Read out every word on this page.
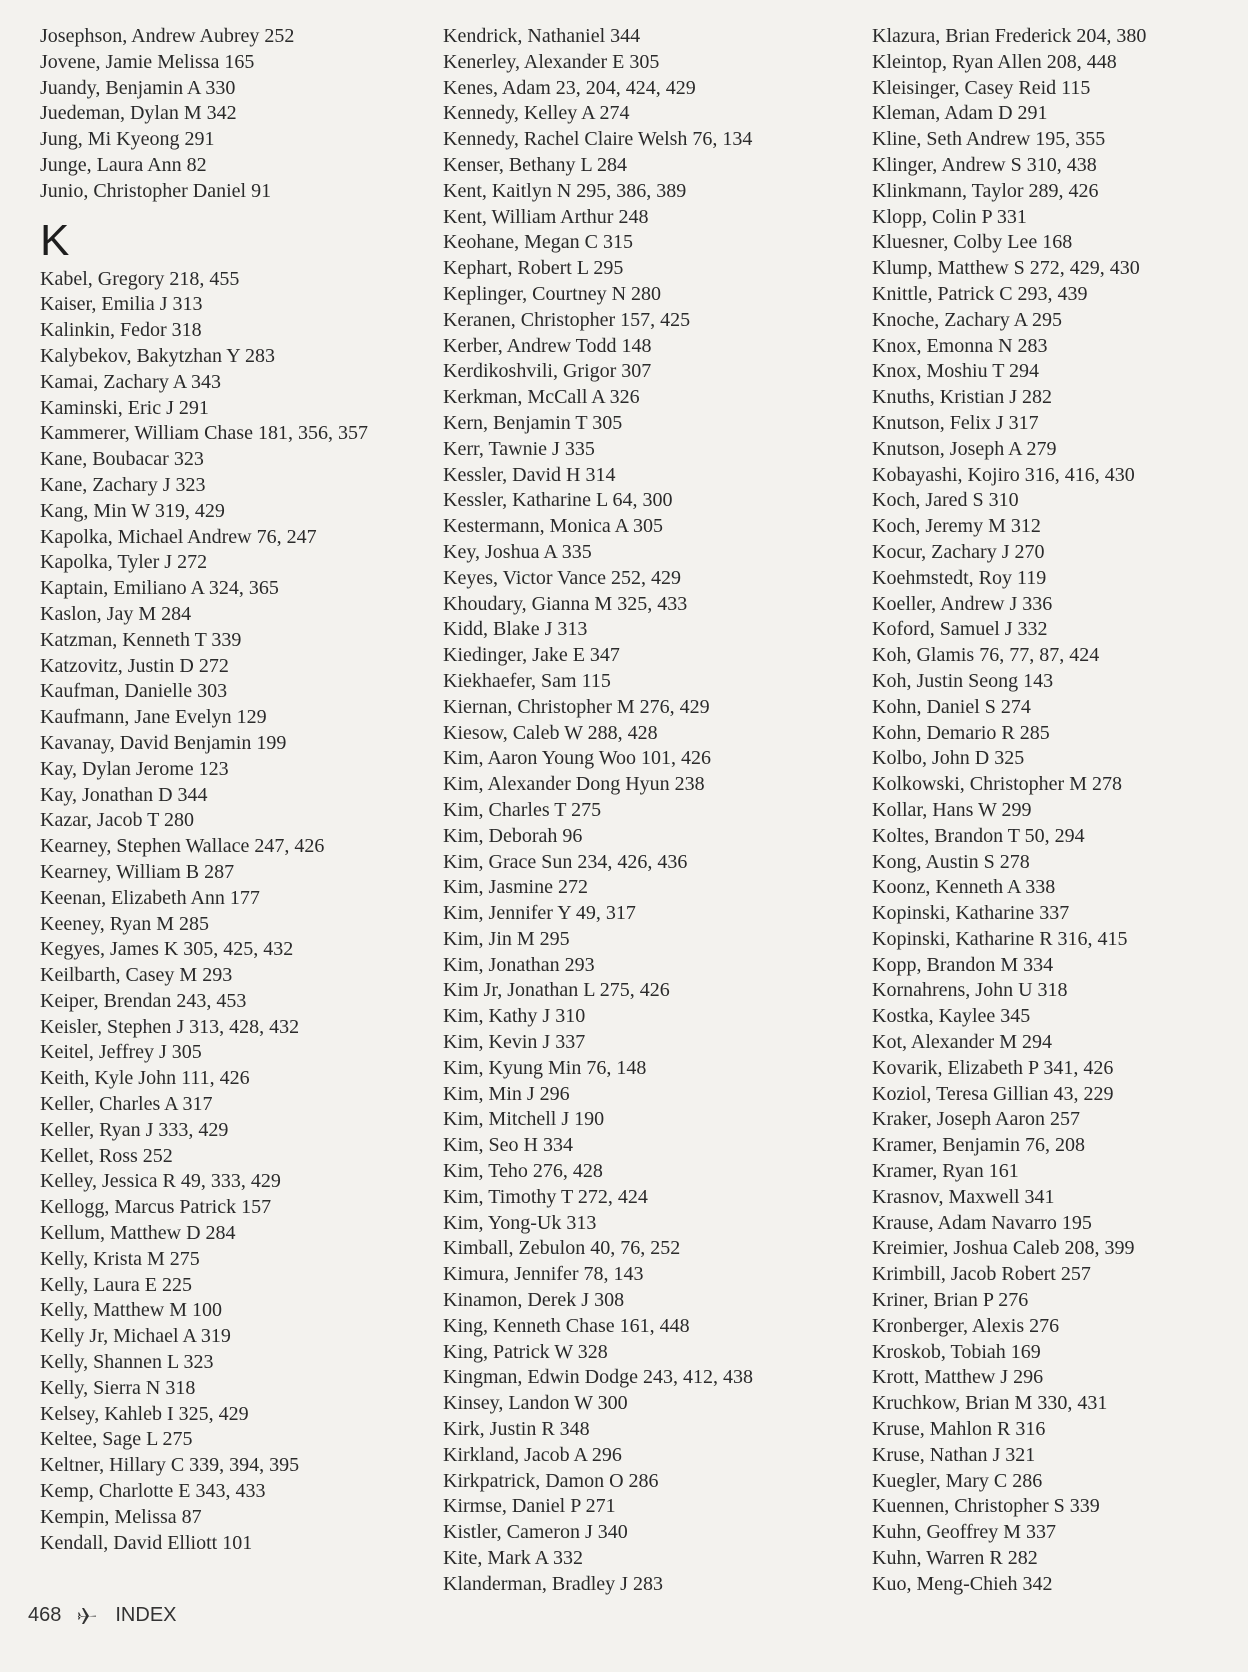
Josephson, Andrew Aubrey 252
Jovene, Jamie Melissa 165
Juandy, Benjamin A 330
Juedeman, Dylan M 342
Jung, Mi Kyeong 291
Junge, Laura Ann 82
Junio, Christopher Daniel 91
K
Kabel, Gregory 218, 455
Kaiser, Emilia J 313
Kalinkin, Fedor 318
Kalybekov, Bakytzhan Y 283
Kamai, Zachary A 343
Kaminski, Eric J 291
Kammerer, William Chase 181, 356, 357
Kane, Boubacar 323
Kane, Zachary J 323
Kang, Min W 319, 429
Kapolka, Michael Andrew 76, 247
Kapolka, Tyler J 272
Kaptain, Emiliano A 324, 365
Kaslon, Jay M 284
Katzman, Kenneth T 339
Katzovitz, Justin D 272
Kaufman, Danielle 303
Kaufmann, Jane Evelyn 129
Kavanay, David Benjamin 199
Kay, Dylan Jerome 123
Kay, Jonathan D 344
Kazar, Jacob T 280
Kearney, Stephen Wallace 247, 426
Kearney, William B 287
Keenan, Elizabeth Ann 177
Keeney, Ryan M 285
Kegyes, James K 305, 425, 432
Keilbarth, Casey M 293
Keiper, Brendan 243, 453
Keisler, Stephen J 313, 428, 432
Keitel, Jeffrey J 305
Keith, Kyle John 111, 426
Keller, Charles A 317
Keller, Ryan J 333, 429
Kellet, Ross 252
Kelley, Jessica R 49, 333, 429
Kellogg, Marcus Patrick 157
Kellum, Matthew D 284
Kelly, Krista M 275
Kelly, Laura E 225
Kelly, Matthew M 100
Kelly Jr, Michael A 319
Kelly, Shannen L 323
Kelly, Sierra N 318
Kelsey, Kahleb I 325, 429
Keltee, Sage L 275
Keltner, Hillary C 339, 394, 395
Kemp, Charlotte E 343, 433
Kempin, Melissa 87
Kendall, David Elliott 101
Kendrick, Nathaniel 344
Kenerley, Alexander E 305
Kenes, Adam 23, 204, 424, 429
Kennedy, Kelley A 274
Kennedy, Rachel Claire Welsh 76, 134
Kenser, Bethany L 284
Kent, Kaitlyn N 295, 386, 389
Kent, William Arthur 248
Keohane, Megan C 315
Kephart, Robert L 295
Keplinger, Courtney N 280
Keranen, Christopher 157, 425
Kerber, Andrew Todd 148
Kerdikoshvili, Grigor 307
Kerkman, McCall A 326
Kern, Benjamin T 305
Kerr, Tawnie J 335
Kessler, David H 314
Kessler, Katharine L 64, 300
Kestermann, Monica A 305
Key, Joshua A 335
Keyes, Victor Vance 252, 429
Khoudary, Gianna M 325, 433
Kidd, Blake J 313
Kiedinger, Jake E 347
Kiekhaefer, Sam 115
Kiernan, Christopher M 276, 429
Kiesow, Caleb W 288, 428
Kim, Aaron Young Woo 101, 426
Kim, Alexander Dong Hyun 238
Kim, Charles T 275
Kim, Deborah 96
Kim, Grace Sun 234, 426, 436
Kim, Jasmine 272
Kim, Jennifer Y 49, 317
Kim, Jin M 295
Kim, Jonathan 293
Kim Jr, Jonathan L 275, 426
Kim, Kathy J 310
Kim, Kevin J 337
Kim, Kyung Min 76, 148
Kim, Min J 296
Kim, Mitchell J 190
Kim, Seo H 334
Kim, Teho 276, 428
Kim, Timothy T 272, 424
Kim, Yong-Uk 313
Kimball, Zebulon 40, 76, 252
Kimura, Jennifer 78, 143
Kinamon, Derek J 308
King, Kenneth Chase 161, 448
King, Patrick W 328
Kingman, Edwin Dodge 243, 412, 438
Kinsey, Landon W 300
Kirk, Justin R 348
Kirkland, Jacob A 296
Kirkpatrick, Damon O 286
Kirmse, Daniel P 271
Kistler, Cameron J 340
Kite, Mark A 332
Klanderman, Bradley J 283
Klazura, Brian Frederick 204, 380
Kleintop, Ryan Allen 208, 448
Kleisinger, Casey Reid 115
Kleman, Adam D 291
Kline, Seth Andrew 195, 355
Klinger, Andrew S 310, 438
Klinkmann, Taylor 289, 426
Klopp, Colin P 331
Kluesner, Colby Lee 168
Klump, Matthew S 272, 429, 430
Knittle, Patrick C 293, 439
Knoche, Zachary A 295
Knox, Emonna N 283
Knox, Moshiu T 294
Knuths, Kristian J 282
Knutson, Felix J 317
Knutson, Joseph A 279
Kobayashi, Kojiro 316, 416, 430
Koch, Jared S 310
Koch, Jeremy M 312
Kocur, Zachary J 270
Koehmstedt, Roy 119
Koeller, Andrew J 336
Koford, Samuel J 332
Koh, Glamis 76, 77, 87, 424
Koh, Justin Seong 143
Kohn, Daniel S 274
Kohn, Demario R 285
Kolbo, John D 325
Kolkowski, Christopher M 278
Kollar, Hans W 299
Koltes, Brandon T 50, 294
Kong, Austin S 278
Koonz, Kenneth A 338
Kopinski, Katharine 337
Kopinski, Katharine R 316, 415
Kopp, Brandon M 334
Kornahrens, John U 318
Kostka, Kaylee 345
Kot, Alexander M 294
Kovarik, Elizabeth P 341, 426
Koziol, Teresa Gillian 43, 229
Kraker, Joseph Aaron 257
Kramer, Benjamin 76, 208
Kramer, Ryan 161
Krasnov, Maxwell 341
Krause, Adam Navarro 195
Kreimier, Joshua Caleb 208, 399
Krimbill, Jacob Robert 257
Kriner, Brian P 276
Kronberger, Alexis 276
Kroskob, Tobiah 169
Krott, Matthew J 296
Kruchkow, Brian M 330, 431
Kruse, Mahlon R 316
Kruse, Nathan J 321
Kuegler, Mary C 286
Kuennen, Christopher S 339
Kuhn, Geoffrey M 337
Kuhn, Warren R 282
Kuo, Meng-Chieh 342
468	INDEX
